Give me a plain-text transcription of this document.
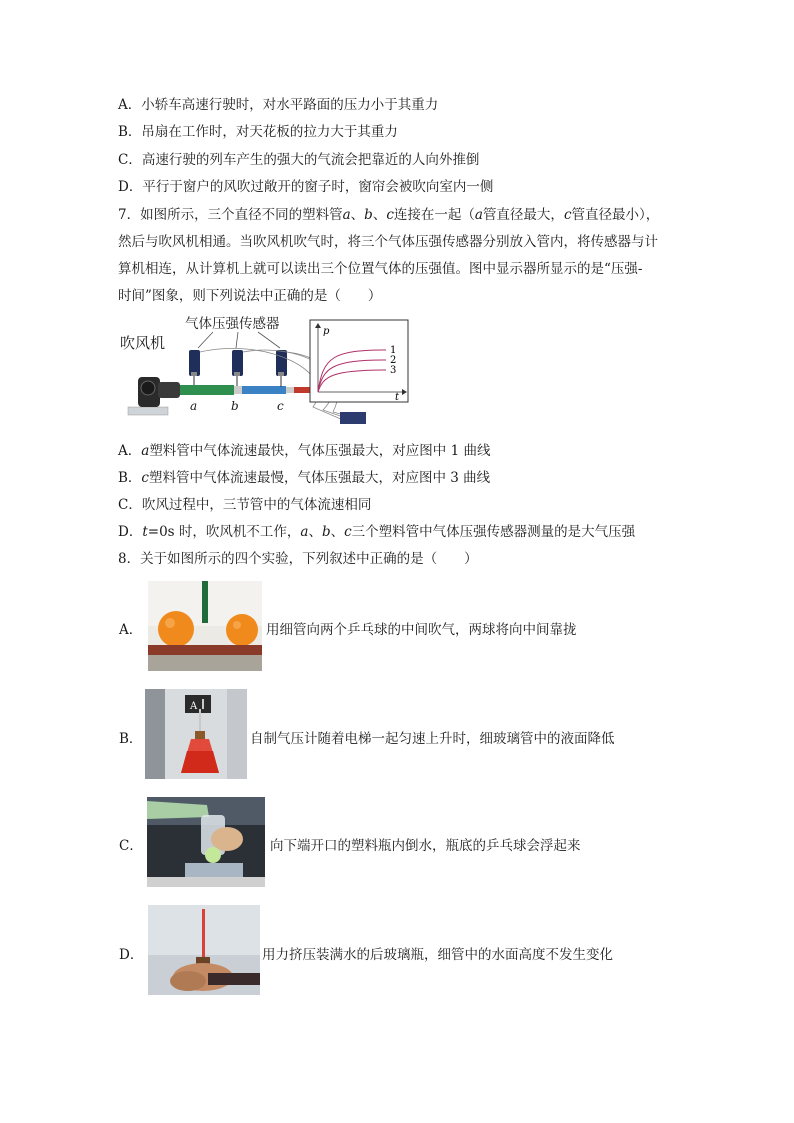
A．小轿车高速行驶时，对水平路面的压力小于其重力
B．吊扇在工作时，对天花板的拉力大于其重力
C．高速行驶的列车产生的强大的气流会把靠近的人向外推倒
D．平行于窗户的风吹过敞开的窗子时，窗帘会被吹向室内一侧
7．如图所示，三个直径不同的塑料管a、b、c连接在一起（a管直径最大，c管直径最小），
然后与吹风机相通。当吹风机吹气时，将三个气体压强传感器分别放入管内，将传感器与计
算机相连，从计算机上就可以读出三个位置气体的压强值。图中显示器所显示的是“压强-
时间”图象，则下列说法中正确的是（　　）
吹风机
气体压强传感器
a	b	c
p
t
1
2
3
A．a塑料管中气体流速最快，气体压强最大，对应图中 1 曲线
B．c塑料管中气体流速最慢，气体压强最大，对应图中 3 曲线
C．吹风过程中，三节管中的气体流速相同
D．t=0s 时，吹风机不工作，a、b、c三个塑料管中气体压强传感器测量的是大气压强
8．关于如图所示的四个实验，下列叙述中正确的是（　　）
A．	用细管向两个乒乓球的中间吹气，两球将向中间靠拢
B．
A
自制气压计随着电梯一起匀速上升时，细玻璃管中的液面降低
C．	向下端开口的塑料瓶内倒水，瓶底的乒乓球会浮起来
D．	用力挤压装满水的后玻璃瓶，细管中的水面高度不发生变化
